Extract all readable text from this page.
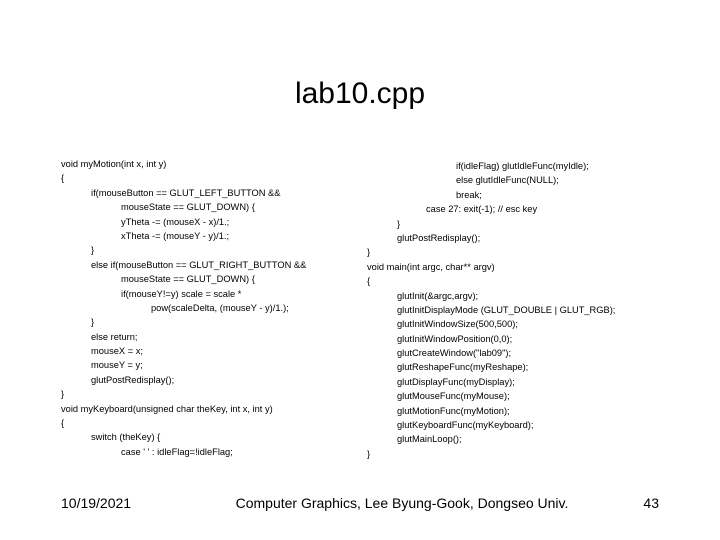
lab10.cpp
void myMotion(int x, int y)
{
if(mouseButton == GLUT_LEFT_BUTTON &&
mouseState == GLUT_DOWN) {
yTheta -= (mouseX - x)/1.;
xTheta -= (mouseY - y)/1.;
}
else if(mouseButton == GLUT_RIGHT_BUTTON &&
mouseState == GLUT_DOWN) {
if(mouseY!=y) scale = scale *
pow(scaleDelta, (mouseY - y)/1.);
}
else return;
mouseX = x;
mouseY = y;
glutPostRedisplay();
}
void myKeyboard(unsigned char theKey, int x, int y)
{
switch (theKey) {
case ' ' : idleFlag=!idleFlag;
if(idleFlag) glutIdleFunc(myIdle);
else glutIdleFunc(NULL);
break;
case 27: exit(-1); // esc key
}
glutPostRedisplay();
}
void main(int argc, char** argv)
{
glutInit(&argc,argv);
glutInitDisplayMode (GLUT_DOUBLE | GLUT_RGB);
glutInitWindowSize(500,500);
glutInitWindowPosition(0,0);
glutCreateWindow("lab09");
glutReshapeFunc(myReshape);
glutDisplayFunc(myDisplay);
glutMouseFunc(myMouse);
glutMotionFunc(myMotion);
glutKeyboardFunc(myKeyboard);
glutMainLoop();
}
10/19/2021	Computer Graphics, Lee Byung-Gook, Dongseo Univ.	43
